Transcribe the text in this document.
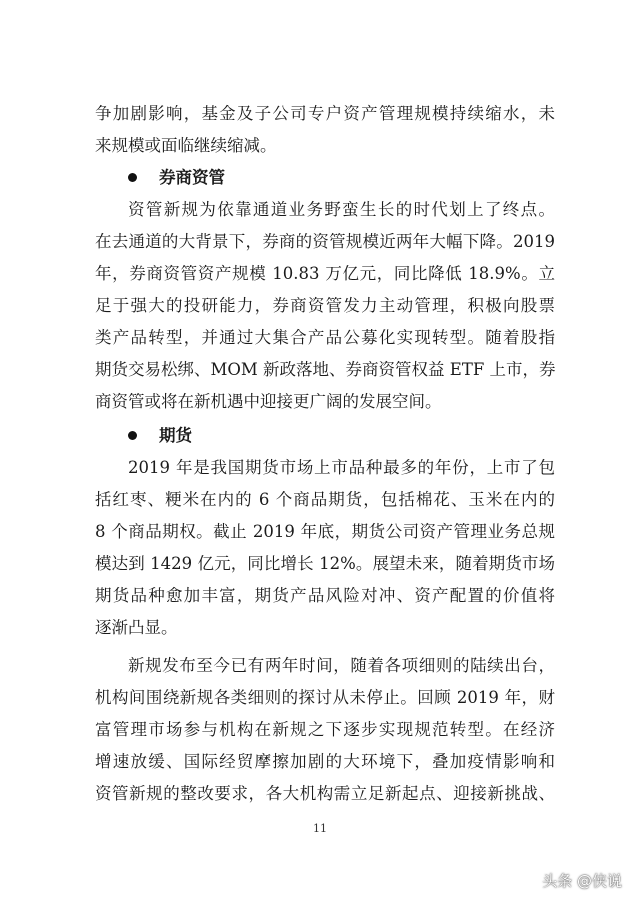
争加剧影响，基金及子公司专户资产管理规模持续缩水，未
来规模或面临继续缩减。
券商资管
资管新规为依靠通道业务野蛮生长的时代划上了终点。
在去通道的大背景下，券商的资管规模近两年大幅下降。2019
年，券商资管资产规模 10.83 万亿元，同比降低 18.9%。立
足于强大的投研能力，券商资管发力主动管理，积极向股票
类产品转型，并通过大集合产品公募化实现转型。随着股指
期货交易松绑、MOM 新政落地、券商资管权益 ETF 上市，券
商资管或将在新机遇中迎接更广阔的发展空间。
期货
2019 年是我国期货市场上市品种最多的年份，上市了包
括红枣、粳米在内的 6 个商品期货，包括棉花、玉米在内的
8 个商品期权。截止 2019 年底，期货公司资产管理业务总规
模达到 1429 亿元，同比增长 12%。展望未来，随着期货市场
期货品种愈加丰富，期货产品风险对冲、资产配置的价值将
逐渐凸显。
新规发布至今已有两年时间，随着各项细则的陆续出台，
机构间围绕新规各类细则的探讨从未停止。回顾 2019 年，财
富管理市场参与机构在新规之下逐步实现规范转型。在经济
增速放缓、国际经贸摩擦加剧的大环境下，叠加疫情影响和
资管新规的整改要求，各大机构需立足新起点、迎接新挑战、
11
头条 @侠说
